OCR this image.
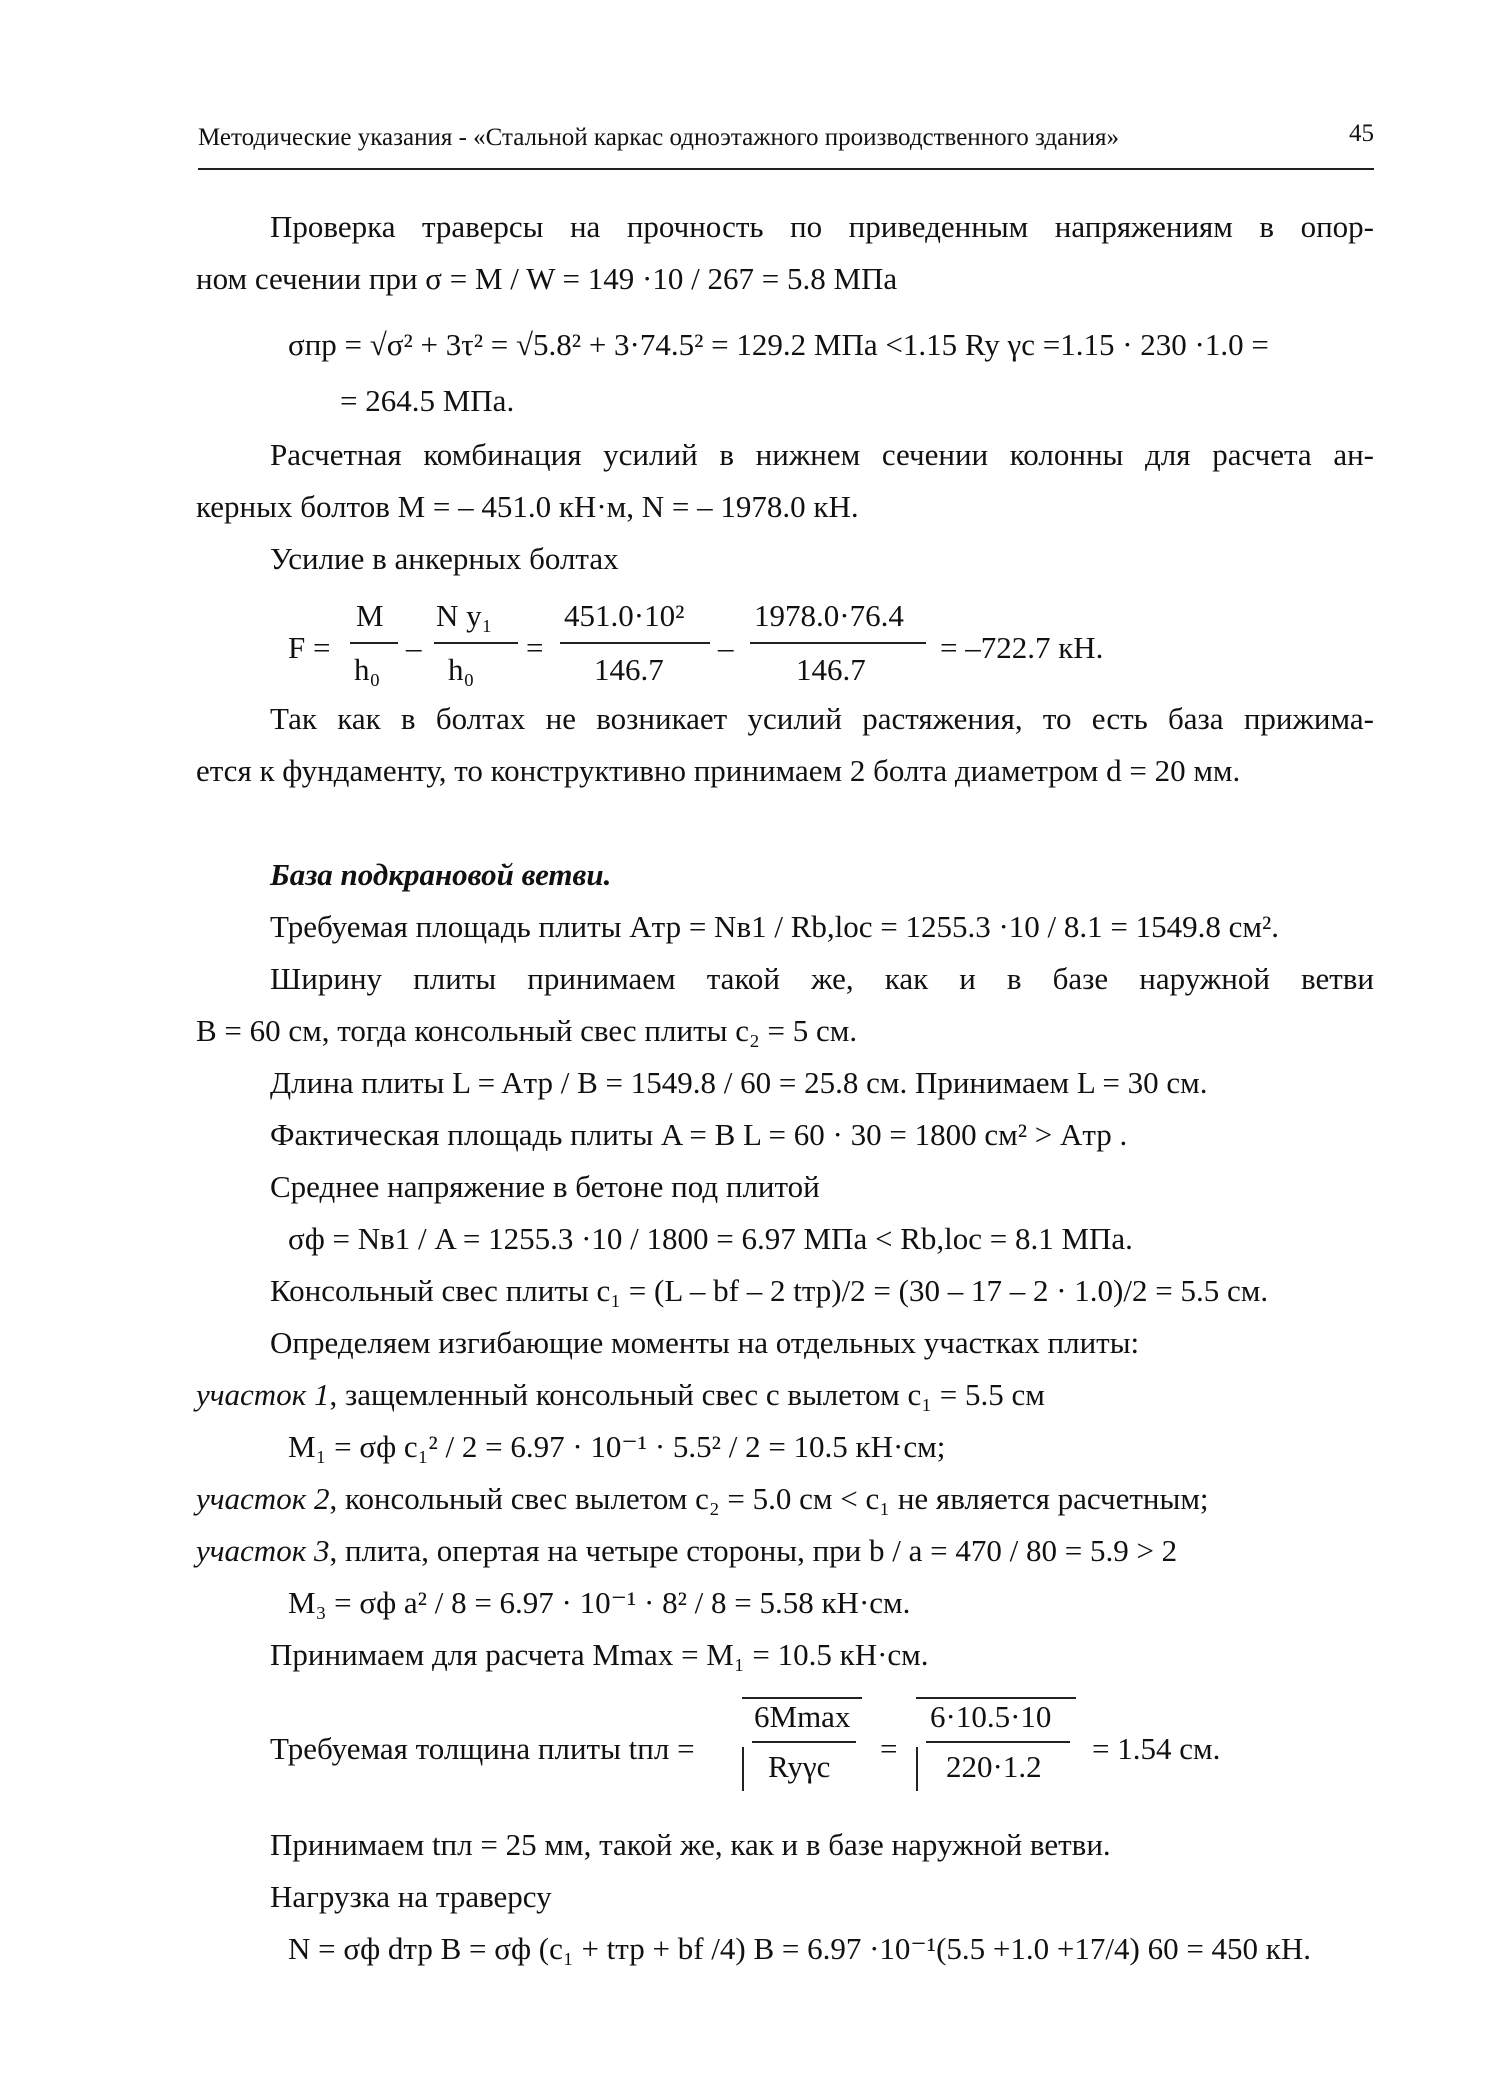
Методические указания - «Стальной каркас одноэтажного производственного здания»	45
Проверка траверсы на прочность по приведенным напряжениям в опор-
ном сечении при σ = M / W = 149 ·10 / 267 = 5.8 МПа
σпр = √σ² + 3τ² = √5.8² + 3·74.5² = 129.2 МПа <1.15 Ry γc =1.15 · 230 ·1.0 =
= 264.5 МПа.
Расчетная комбинация усилий в нижнем сечении колонны для расчета ан-
керных болтов M = – 451.0 кН·м, N = – 1978.0 кН.
Усилие в анкерных болтах
F =
M
h₀
–
N y₁
h₀
=
451.0·10²
146.7
–
1978.0·76.4
146.7
= –722.7 кН.
Так как в болтах не возникает усилий растяжения, то есть база прижима-
ется к фундаменту, то конструктивно принимаем 2 болта диаметром d = 20 мм.
База подкрановой ветви.
Требуемая площадь плиты Aтр = Nв1 / Rb,loc = 1255.3 ·10 / 8.1 = 1549.8 см².
Ширину плиты принимаем такой же, как и в базе наружной ветви
B = 60 см, тогда консольный свес плиты c₂ = 5 см.
Длина плиты L = Aтр / B = 1549.8 / 60 = 25.8 см. Принимаем L = 30 см.
Фактическая площадь плиты A = B L = 60 · 30 = 1800 см² > Aтр .
Среднее напряжение в бетоне под плитой
σф = Nв1 / A = 1255.3 ·10 / 1800 = 6.97 МПа < Rb,loc = 8.1 МПа.
Консольный свес плиты c₁ = (L – bf – 2 tтр)/2 = (30 – 17 – 2 · 1.0)/2 = 5.5 см.
Определяем изгибающие моменты на отдельных участках плиты:
участок 1, защемленный консольный свес с вылетом c₁ = 5.5 см
M₁ = σф c₁² / 2 = 6.97 · 10⁻¹ · 5.5² / 2 = 10.5 кН·см;
участок 2, консольный свес вылетом c₂ = 5.0 см < c₁ не является расчетным;
участок 3, плита, опертая на четыре стороны, при b / a = 470 / 80 = 5.9 > 2
M₃ = σф a² / 8 = 6.97 · 10⁻¹ · 8² / 8 = 5.58 кН·см.
Принимаем для расчета Mmax = M₁ = 10.5 кН·см.
Требуемая толщина плиты tпл =
6Mmax
Ryγc
=
6·10.5·10
220·1.2
= 1.54 см.
Принимаем tпл = 25 мм, такой же, как и в базе наружной ветви.
Нагрузка на траверсу
N = σф dтр B = σф (c₁ + tтр + bf /4) B = 6.97 ·10⁻¹(5.5 +1.0 +17/4) 60 = 450 кН.
